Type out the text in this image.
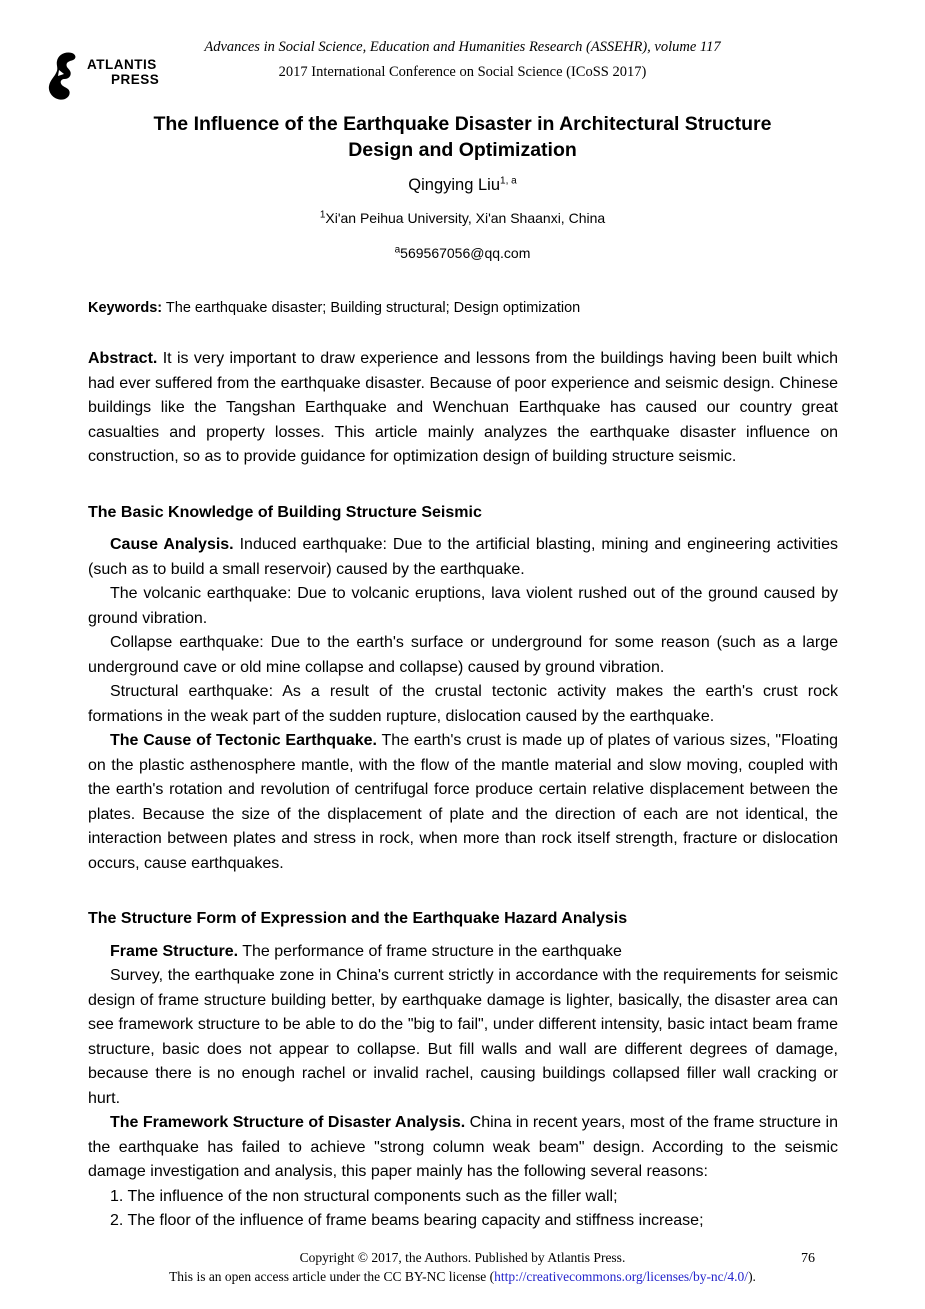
ATLANTIS
PRESS
Advances in Social Science, Education and Humanities Research (ASSEHR), volume 117
2017 International Conference on Social Science (ICoSS 2017)
The Influence of the Earthquake Disaster in Architectural Structure
Design and Optimization
Qingying Liu$^{1, a}$
$^1$Xi'an Peihua University, Xi'an Shaanxi, China
$^a$569567056@qq.com
Keywords: The earthquake disaster; Building structural; Design optimization
Abstract. It is very important to draw experience and lessons from the buildings having been built which had ever suffered from the earthquake disaster. Because of poor experience and seismic design. Chinese buildings like the Tangshan Earthquake and Wenchuan Earthquake has caused our country great casualties and property losses. This article mainly analyzes the earthquake disaster influence on construction, so as to provide guidance for optimization design of building structure seismic.
The Basic Knowledge of Building Structure Seismic

Cause Analysis. Induced earthquake: Due to the artificial blasting, mining and engineering activities (such as to build a small reservoir) caused by the earthquake.

The volcanic earthquake: Due to volcanic eruptions, lava violent rushed out of the ground caused by ground vibration.

Collapse earthquake: Due to the earth's surface or underground for some reason (such as a large underground cave or old mine collapse and collapse) caused by ground vibration.

Structural earthquake: As a result of the crustal tectonic activity makes the earth's crust rock formations in the weak part of the sudden rupture, dislocation caused by the earthquake.

The Cause of Tectonic Earthquake. The earth's crust is made up of plates of various sizes, "Floating on the plastic asthenosphere mantle, with the flow of the mantle material and slow moving, coupled with the earth's rotation and revolution of centrifugal force produce certain relative displacement between the plates. Because the size of the displacement of plate and the direction of each are not identical, the interaction between plates and stress in rock, when more than rock itself strength, fracture or dislocation occurs, cause earthquakes.

The Structure Form of Expression and the Earthquake Hazard Analysis

Frame Structure. The performance of frame structure in the earthquake

Survey, the earthquake zone in China's current strictly in accordance with the requirements for seismic design of frame structure building better, by earthquake damage is lighter, basically, the disaster area can see framework structure to be able to do the "big to fail", under different intensity, basic intact beam frame structure, basic does not appear to collapse. But fill walls and wall are different degrees of damage, because there is no enough rachel or invalid rachel, causing buildings collapsed filler wall cracking or hurt.

The Framework Structure of Disaster Analysis. China in recent years, most of the frame structure in the earthquake has failed to achieve "strong column weak beam" design. According to the seismic damage investigation and analysis, this paper mainly has the following several reasons:

1. The influence of the non structural components such as the filler wall;

2. The floor of the influence of frame beams bearing capacity and stiffness increase;

Copyright © 2017, the Authors. Published by Atlantis Press.
This is an open access article under the CC BY-NC license (http://creativecommons.org/licenses/by-nc/4.0/).
76
